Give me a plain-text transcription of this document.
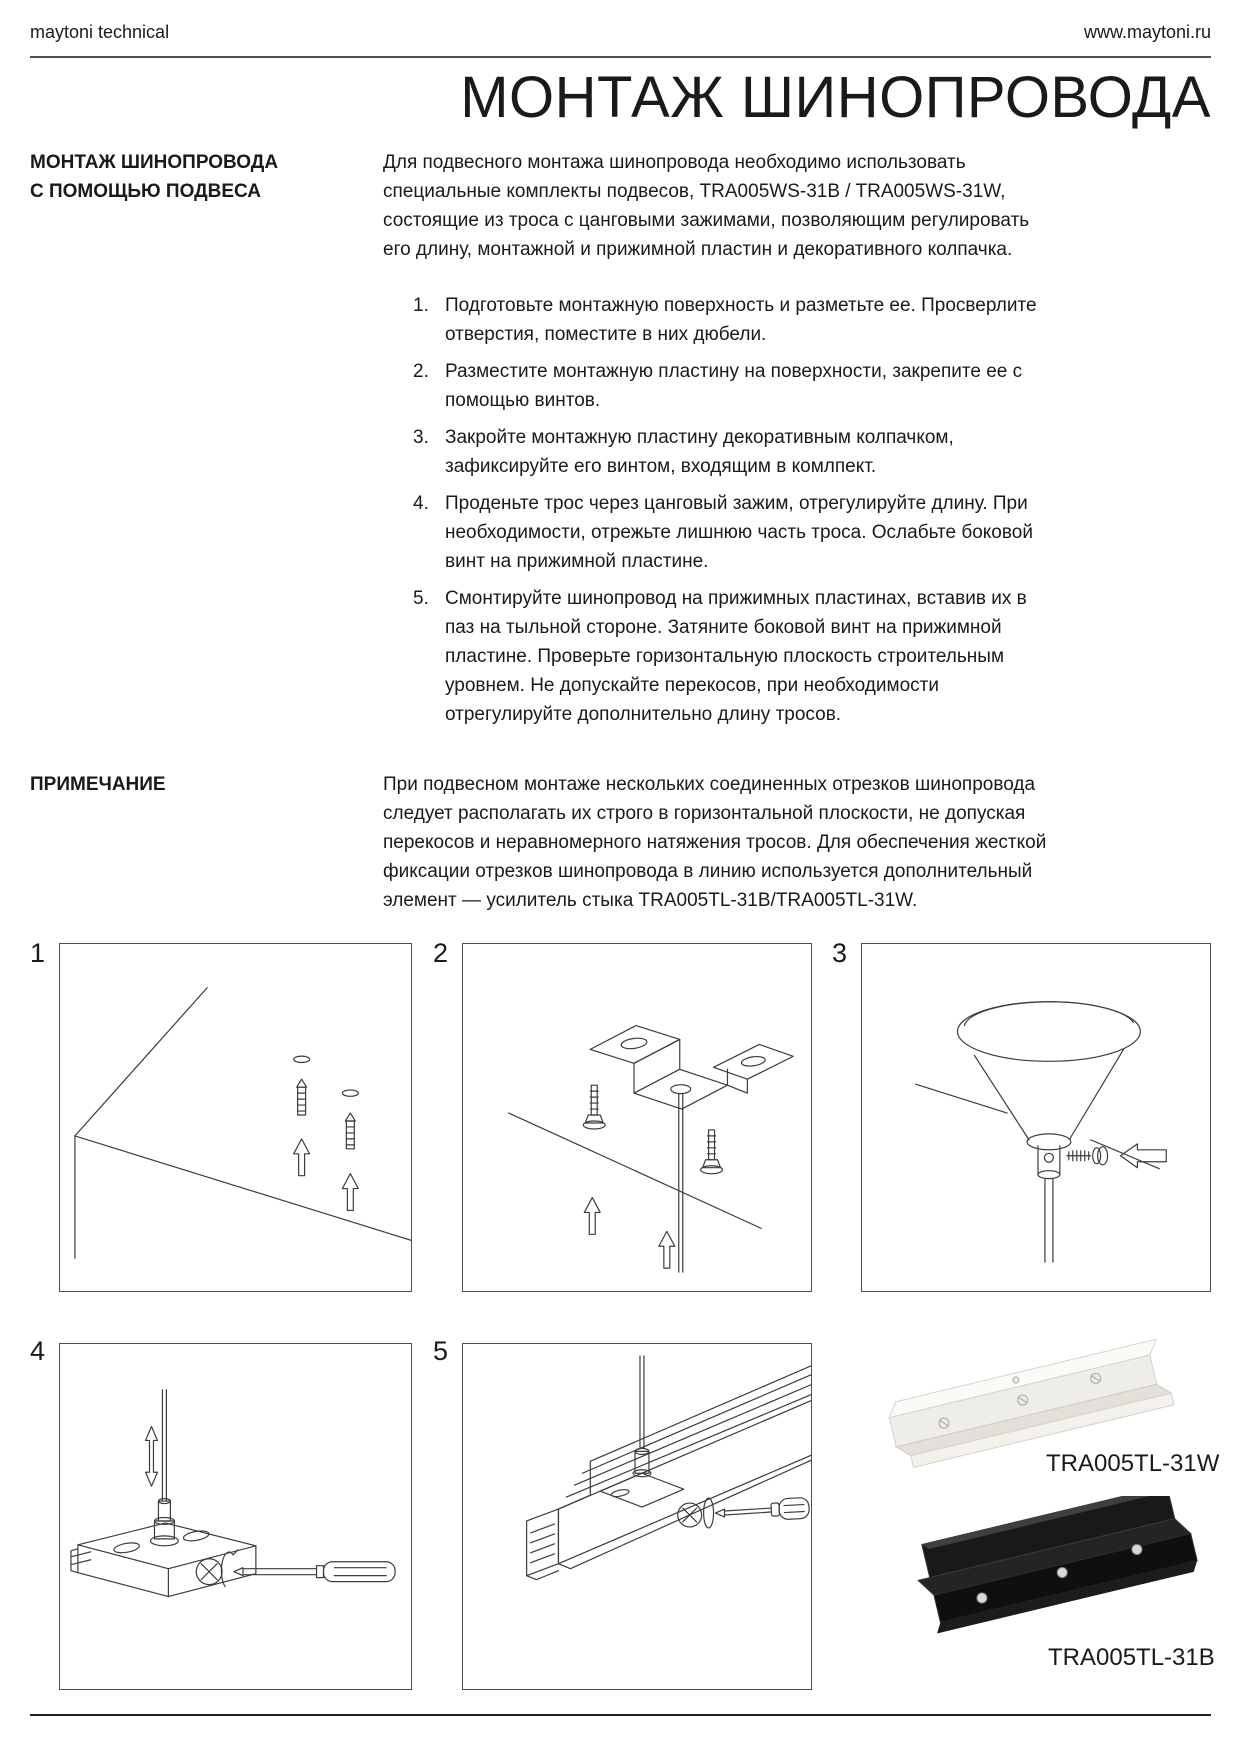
maytoni technical	www.maytoni.ru
МОНТАЖ ШИНОПРОВОДА
МОНТАЖ ШИНОПРОВОДА
С ПОМОЩЬЮ ПОДВЕСА

Для подвесного монтажа шинопровода необходимо использовать специальные комплекты подвесов, TRA005WS-31B / TRA005WS-31W, состоящие из троса с цанговыми зажимами, позволяющим регулировать его длину, монтажной и прижимной пластин и декоративного колпачка.

1. Подготовьте монтажную поверхность и разметьте ее. Просверлите отверстия, поместите в них дюбели.
2. Разместите монтажную пластину на поверхности, закрепите ее с помощью винтов.
3. Закройте монтажную пластину декоративным колпачком, зафиксируйте его винтом, входящим в комлпект.
4. Проденьте трос через цанговый зажим, отрегулируйте длину. При необходимости, отрежьте лишнюю часть троса. Ослабьте боковой винт на прижимной пластине.
5. Смонтируйте шинопровод на прижимных пластинах, вставив их в паз на тыльной стороне. Затяните боковой винт на прижимной пластине. Проверьте горизонтальную плоскость строительным уровнем. Не допускайте перекосов, при необходимости отрегулируйте дополнительно длину тросов.
ПРИМЕЧАНИЕ	При подвесном монтаже нескольких соединенных отрезков шинопровода следует располагать их строго в горизонтальной плоскости, не допуская перекосов и неравномерного натяжения тросов. Для обеспечения жесткой фиксации отрезков шинопровода в линию используется дополнительный элемент — усилитель стыка TRA005TL-31B/TRA005TL-31W.

1	2	3
4	5
TRA005TL-31W
TRA005TL-31B
